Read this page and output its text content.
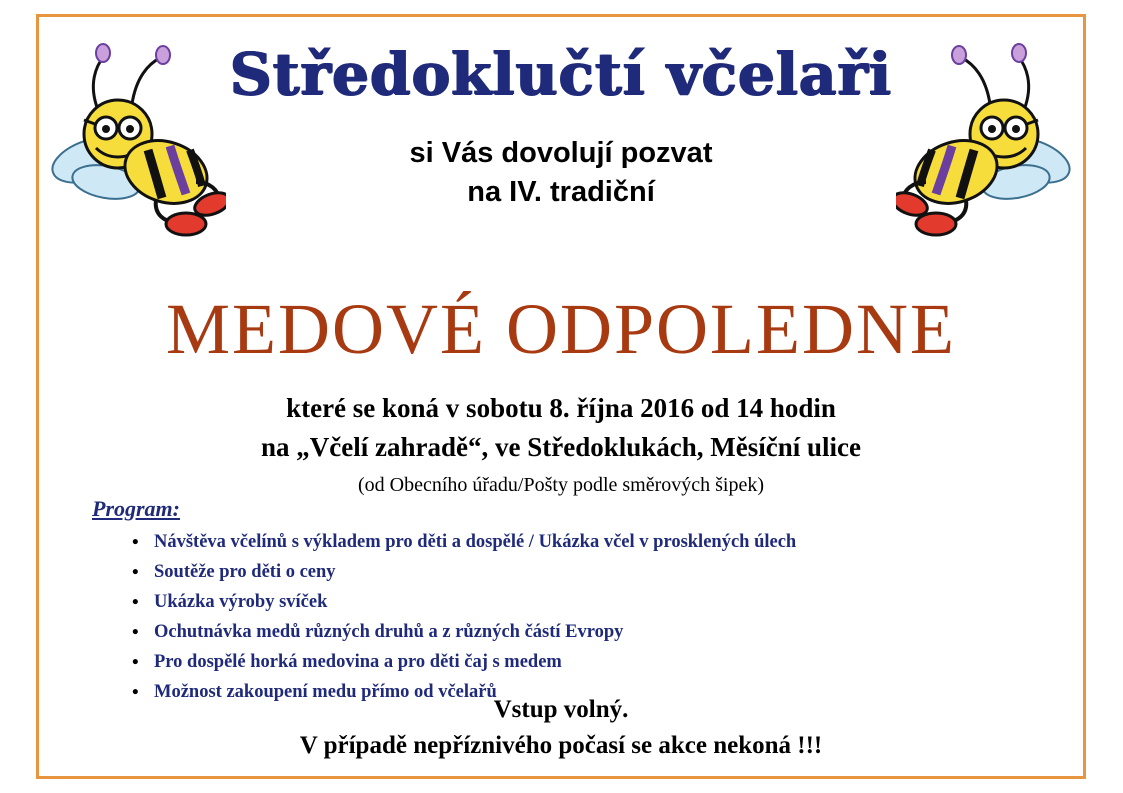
Středoklučtí včelaři
si Vás dovolují pozvat
na IV. tradiční
MEDOVÉ ODPOLEDNE
které se koná v sobotu 8. října 2016 od 14 hodin
na „Včelí zahradě“, ve Středoklukách, Měsíční ulice
(od Obecního úřadu/Pošty podle směrových šipek)
Program:
• Návštěva včelínů s výkladem pro děti a dospělé / Ukázka včel v prosklených úlech
• Soutěže pro děti o ceny
• Ukázka výroby svíček
• Ochutnávka medů různých druhů a z různých částí Evropy
• Pro dospělé horká medovina a pro děti čaj s medem
• Možnost zakoupení medu přímo od včelařů
Vstup volný.
V případě nepříznivého počasí se akce nekoná !!!
